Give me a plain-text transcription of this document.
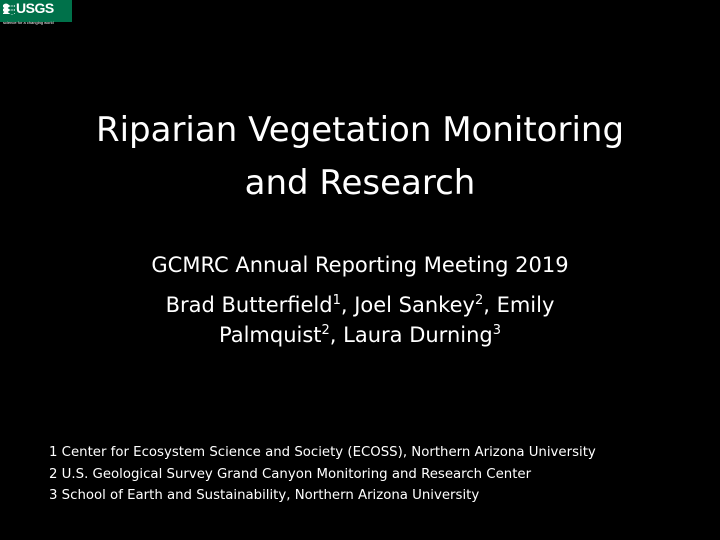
USGS
science for a changing world
Riparian Vegetation Monitoring
and Research
GCMRC Annual Reporting Meeting 2019
Brad Butterfield$^1$, Joel Sankey$^2$, Emily
Palmquist$^2$, Laura Durning$^3$
1 Center for Ecosystem Science and Society (ECOSS), Northern Arizona University
2 U.S. Geological Survey Grand Canyon Monitoring and Research Center
3 School of Earth and Sustainability, Northern Arizona University
